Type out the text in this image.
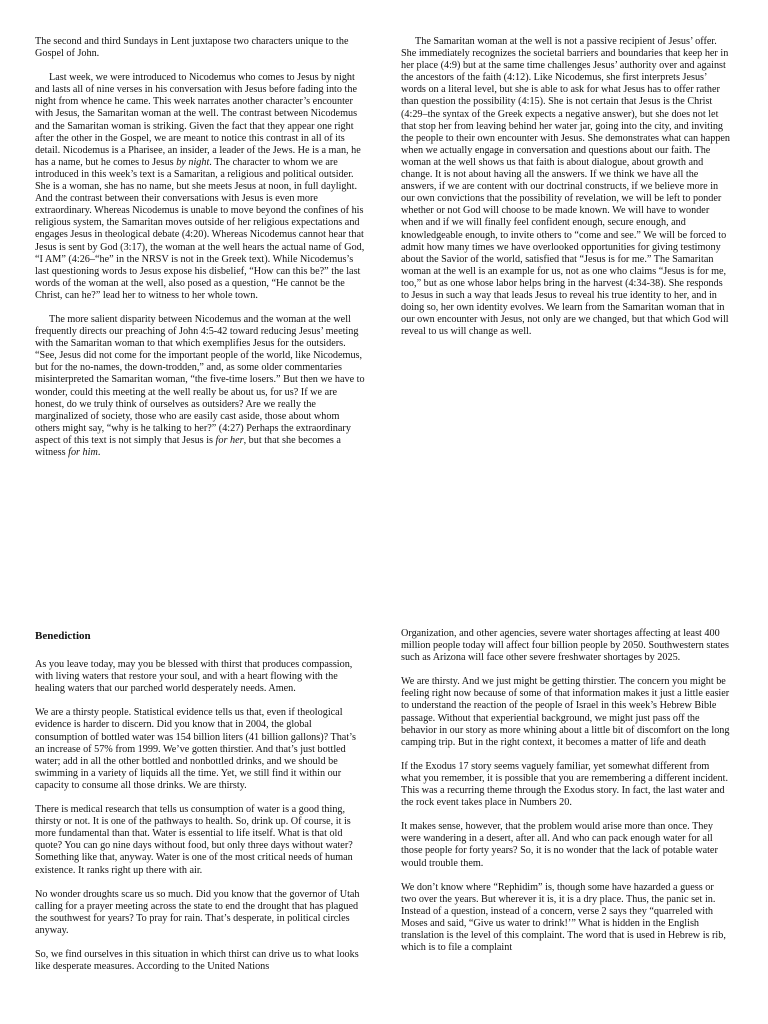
The second and third Sundays in Lent juxtapose two characters unique to the Gospel of John.

Last week, we were introduced to Nicodemus who comes to Jesus by night and lasts all of nine verses in his conversation with Jesus before fading into the night from whence he came. This week narrates another character’s encounter with Jesus, the Samaritan woman at the well. The contrast between Nicodemus and the Samaritan woman is striking. Given the fact that they appear one right after the other in the Gospel, we are meant to notice this contrast in all of its detail. Nicodemus is a Pharisee, an insider, a leader of the Jews. He is a man, he has a name, but he comes to Jesus by night. The character to whom we are introduced in this week’s text is a Samaritan, a religious and political outsider. She is a woman, she has no name, but she meets Jesus at noon, in full daylight. And the contrast between their conversations with Jesus is even more extraordinary. Whereas Nicodemus is unable to move beyond the confines of his religious system, the Samaritan moves outside of her religious expectations and engages Jesus in theological debate (4:20). Whereas Nicodemus cannot hear that Jesus is sent by God (3:17), the woman at the well hears the actual name of God, “I AM” (4:26–“he” in the NRSV is not in the Greek text). While Nicodemus’s last questioning words to Jesus expose his disbelief, “How can this be?” the last words of the woman at the well, also posed as a question, “He cannot be the Christ, can he?” lead her to witness to her whole town.

The more salient disparity between Nicodemus and the woman at the well frequently directs our preaching of John 4:5-42 toward reducing Jesus’ meeting with the Samaritan woman to that which exemplifies Jesus for the outsiders. “See, Jesus did not come for the important people of the world, like Nicodemus, but for the no-names, the down-trodden,” and, as some older commentaries misinterpreted the Samaritan woman, “the five-time losers.” But then we have to wonder, could this meeting at the well really be about us, for us? If we are honest, do we truly think of ourselves as outsiders? Are we really the marginalized of society, those who are easily cast aside, those about whom others might say, “why is he talking to her?” (4:27) Perhaps the extraordinary aspect of this text is not simply that Jesus is for her, but that she becomes a witness for him.

The Samaritan woman at the well is not a passive recipient of Jesus’ offer. She immediately recognizes the societal barriers and boundaries that keep her in her place (4:9) but at the same time challenges Jesus’ authority over and against the ancestors of the faith (4:12). Like Nicodemus, she first interprets Jesus’ words on a literal level, but she is able to ask for what Jesus has to offer rather than question the possibility (4:15). She is not certain that Jesus is the Christ (4:29–the syntax of the Greek expects a negative answer), but she does not let that stop her from leaving behind her water jar, going into the city, and inviting the people to their own encounter with Jesus. She demonstrates what can happen when we actually engage in conversation and questions about our faith. The woman at the well shows us that faith is about dialogue, about growth and change. It is not about having all the answers. If we think we have all the answers, if we are content with our doctrinal constructs, if we believe more in our own convictions that the possibility of revelation, we will be left to ponder whether or not God will choose to be made known. We will have to wonder when and if we will finally feel confident enough, secure enough, and knowledgeable enough, to invite others to “come and see.” We will be forced to admit how many times we have overlooked opportunities for giving testimony about the Savior of the world, satisfied that “Jesus is for me.” The Samaritan woman at the well is an example for us, not as one who claims “Jesus is for me, too,” but as one whose labor helps bring in the harvest (4:34-38). She responds to Jesus in such a way that leads Jesus to reveal his true identity to her, and in doing so, her own identity evolves. We learn from the Samaritan woman that in our own encounter with Jesus, not only are we changed, but that which God will reveal to us will change as well.

Benediction

As you leave today, may you be blessed with thirst that produces compassion, with living waters that restore your soul, and with a heart flowing with the healing waters that our parched world desperately needs. Amen.

We are a thirsty people. Statistical evidence tells us that, even if theological evidence is harder to discern. Did you know that in 2004, the global consumption of bottled water was 154 billion liters (41 billion gallons)? That’s an increase of 57% from 1999. We’ve gotten thirstier. And that’s just bottled water; add in all the other bottled and nonbottled drinks, and we should be swimming in a variety of liquids all the time. Yet, we still find it within our capacity to consume all those drinks. We are thirsty.

There is medical research that tells us consumption of water is a good thing, thirsty or not. It is one of the pathways to health. So, drink up. Of course, it is more fundamental than that. Water is essential to life itself. What is that old quote? You can go nine days without food, but only three days without water? Something like that, anyway. Water is one of the most critical needs of human existence. It ranks right up there with air.

No wonder droughts scare us so much. Did you know that the governor of Utah calling for a prayer meeting across the state to end the drought that has plagued the southwest for years? To pray for rain. That’s desperate, in political circles anyway.

So, we find ourselves in this situation in which thirst can drive us to what looks like desperate measures. According to the United Nations

Organization, and other agencies, severe water shortages affecting at least 400 million people today will affect four billion people by 2050. Southwestern states such as Arizona will face other severe freshwater shortages by 2025.

We are thirsty. And we just might be getting thirstier. The concern you might be feeling right now because of some of that information makes it just a little easier to understand the reaction of the people of Israel in this week’s Hebrew Bible passage. Without that experiential background, we might just pass off the behavior in our story as more whining about a little bit of discomfort on the long camping trip. But in the right context, it becomes a matter of life and death

If the Exodus 17 story seems vaguely familiar, yet somewhat different from what you remember, it is possible that you are remembering a different incident. This was a recurring theme through the Exodus story. In fact, the last water and the rock event takes place in Numbers 20.

It makes sense, however, that the problem would arise more than once. They were wandering in a desert, after all. And who can pack enough water for all those people for forty years? So, it is no wonder that the lack of potable water would trouble them.

We don’t know where “Rephidim” is, though some have hazarded a guess or two over the years. But wherever it is, it is a dry place. Thus, the panic set in. Instead of a question, instead of a concern, verse 2 says they “quarreled with Moses and said, “Give us water to drink!’” What is hidden in the English translation is the level of this complaint. The word that is used in Hebrew is rib, which is to file a complaint
